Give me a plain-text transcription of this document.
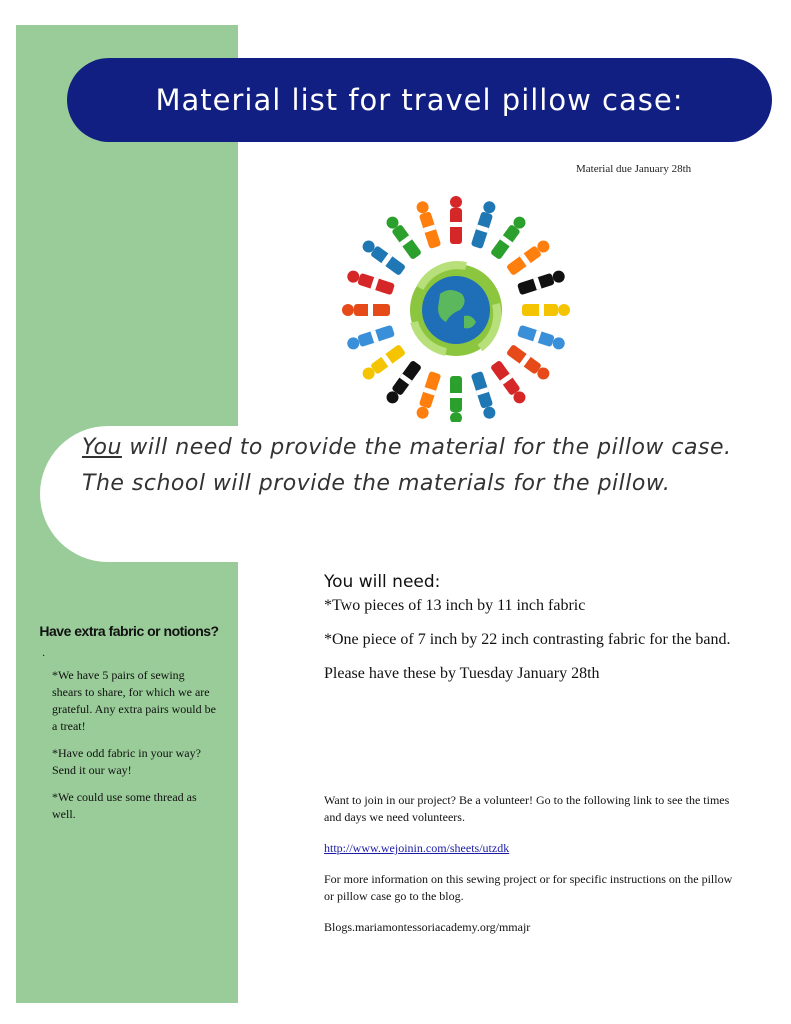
Material list for travel pillow case:
Material due January 28th

You will need to provide the material for the pillow case. The school will provide the materials for the pillow.

You will need:

*Two pieces of 13 inch by 11 inch fabric

*One piece of 7 inch by 22 inch contrasting fabric for the band.

Please have these by Tuesday January 28th

Have extra fabric or notions?
.

*We have 5 pairs of sewing shears to share, for which we are grateful. Any extra pairs would be a treat!

*Have odd fabric in your way? Send it our way!

*We could use some thread as well.

Want to join in our project? Be a volunteer! Go to the following link to see the times and days we need volunteers.

http://www.wejoinin.com/sheets/utzdk

For more information on this sewing project or for specific instructions on the pillow or pillow case go to the blog.

Blogs.mariamontessoriacademy.org/mmajr
